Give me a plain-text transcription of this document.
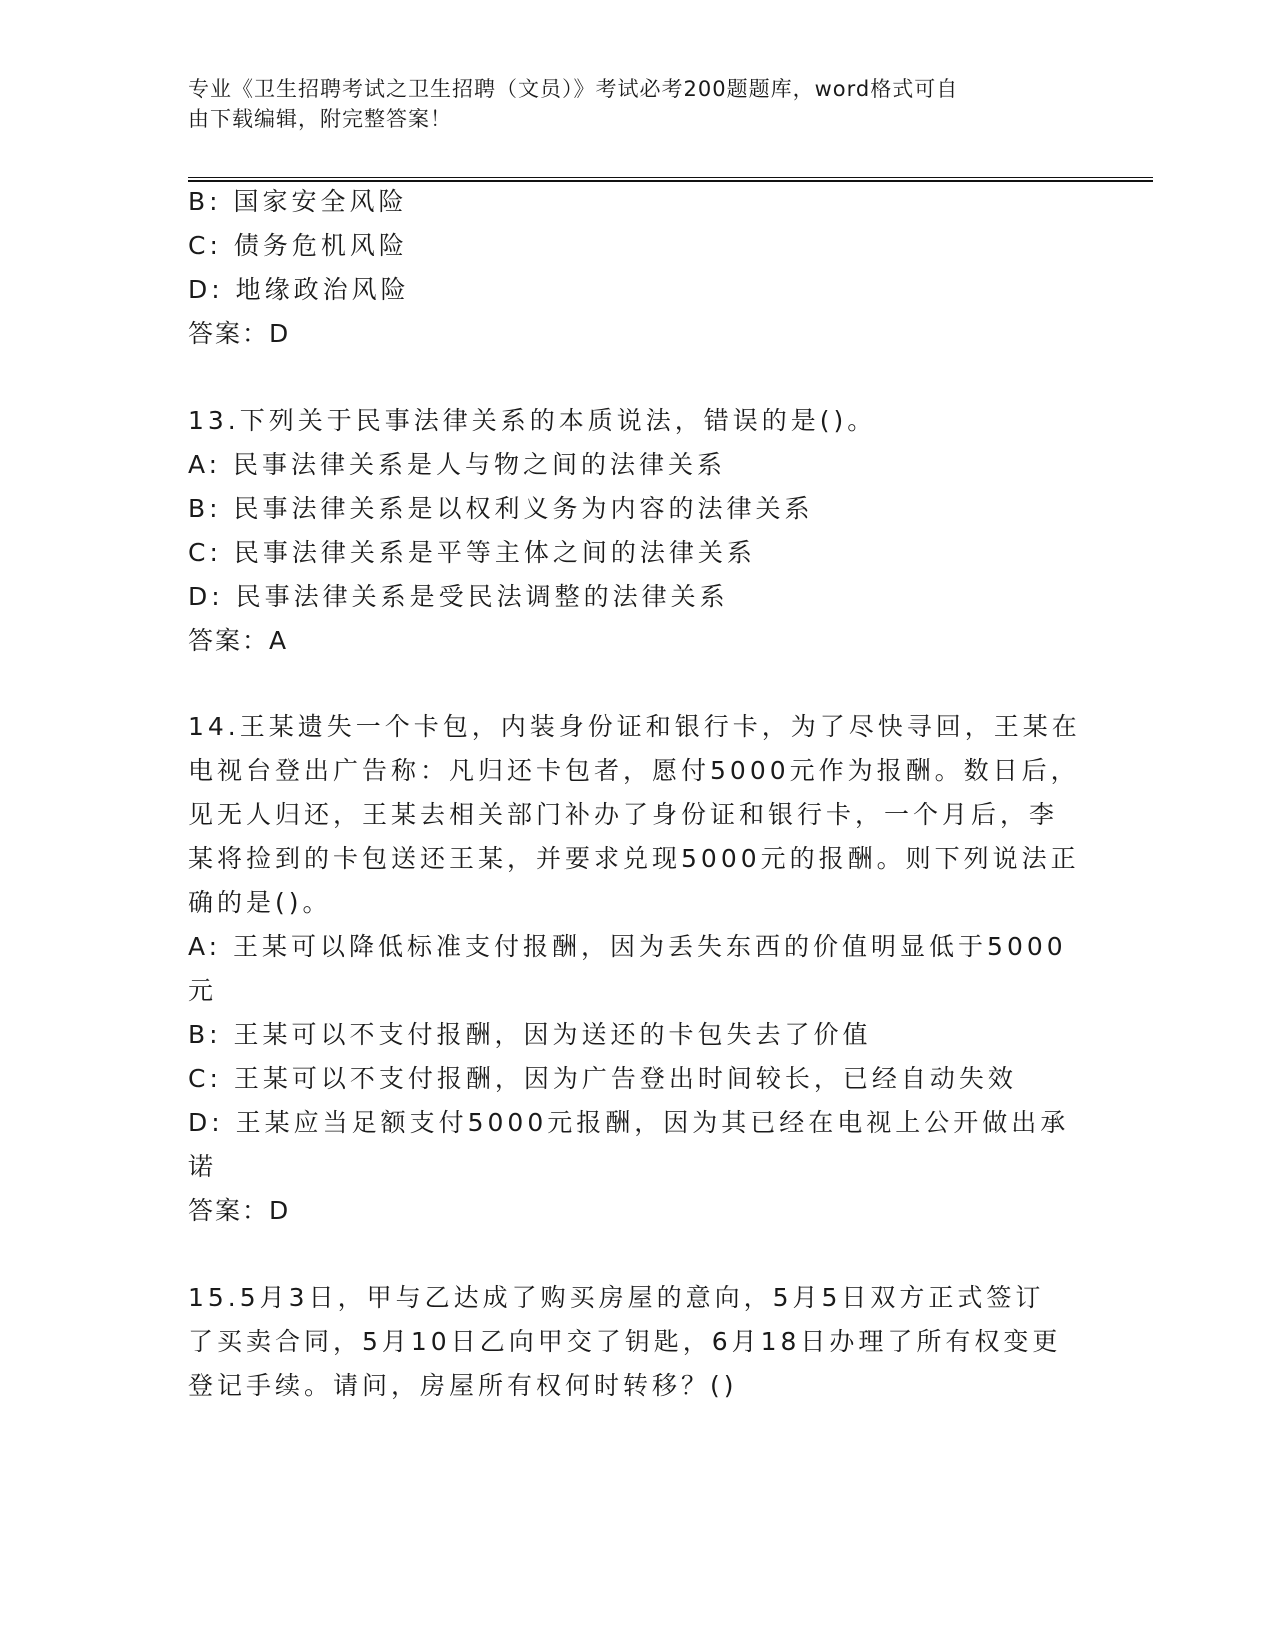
专业《卫生招聘考试之卫生招聘（文员）》考试必考200题题库，word格式可自
由下载编辑，附完整答案！
B: 国家安全风险
C: 债务危机风险
D: 地缘政治风险
答案：D
13.下列关于民事法律关系的本质说法，错误的是()。
A: 民事法律关系是人与物之间的法律关系
B: 民事法律关系是以权利义务为内容的法律关系
C: 民事法律关系是平等主体之间的法律关系
D: 民事法律关系是受民法调整的法律关系
答案：A
14.王某遗失一个卡包，内装身份证和银行卡，为了尽快寻回，王某在
电视台登出广告称：凡归还卡包者，愿付5000元作为报酬。数日后，
见无人归还，王某去相关部门补办了身份证和银行卡，一个月后，李
某将捡到的卡包送还王某，并要求兑现5000元的报酬。则下列说法正
确的是()。
A: 王某可以降低标准支付报酬，因为丢失东西的价值明显低于5000
元
B: 王某可以不支付报酬，因为送还的卡包失去了价值
C: 王某可以不支付报酬，因为广告登出时间较长，已经自动失效
D: 王某应当足额支付5000元报酬，因为其已经在电视上公开做出承
诺
答案：D
15.5月3日，甲与乙达成了购买房屋的意向，5月5日双方正式签订
了买卖合同，5月10日乙向甲交了钥匙，6月18日办理了所有权变更
登记手续。请问，房屋所有权何时转移？()
